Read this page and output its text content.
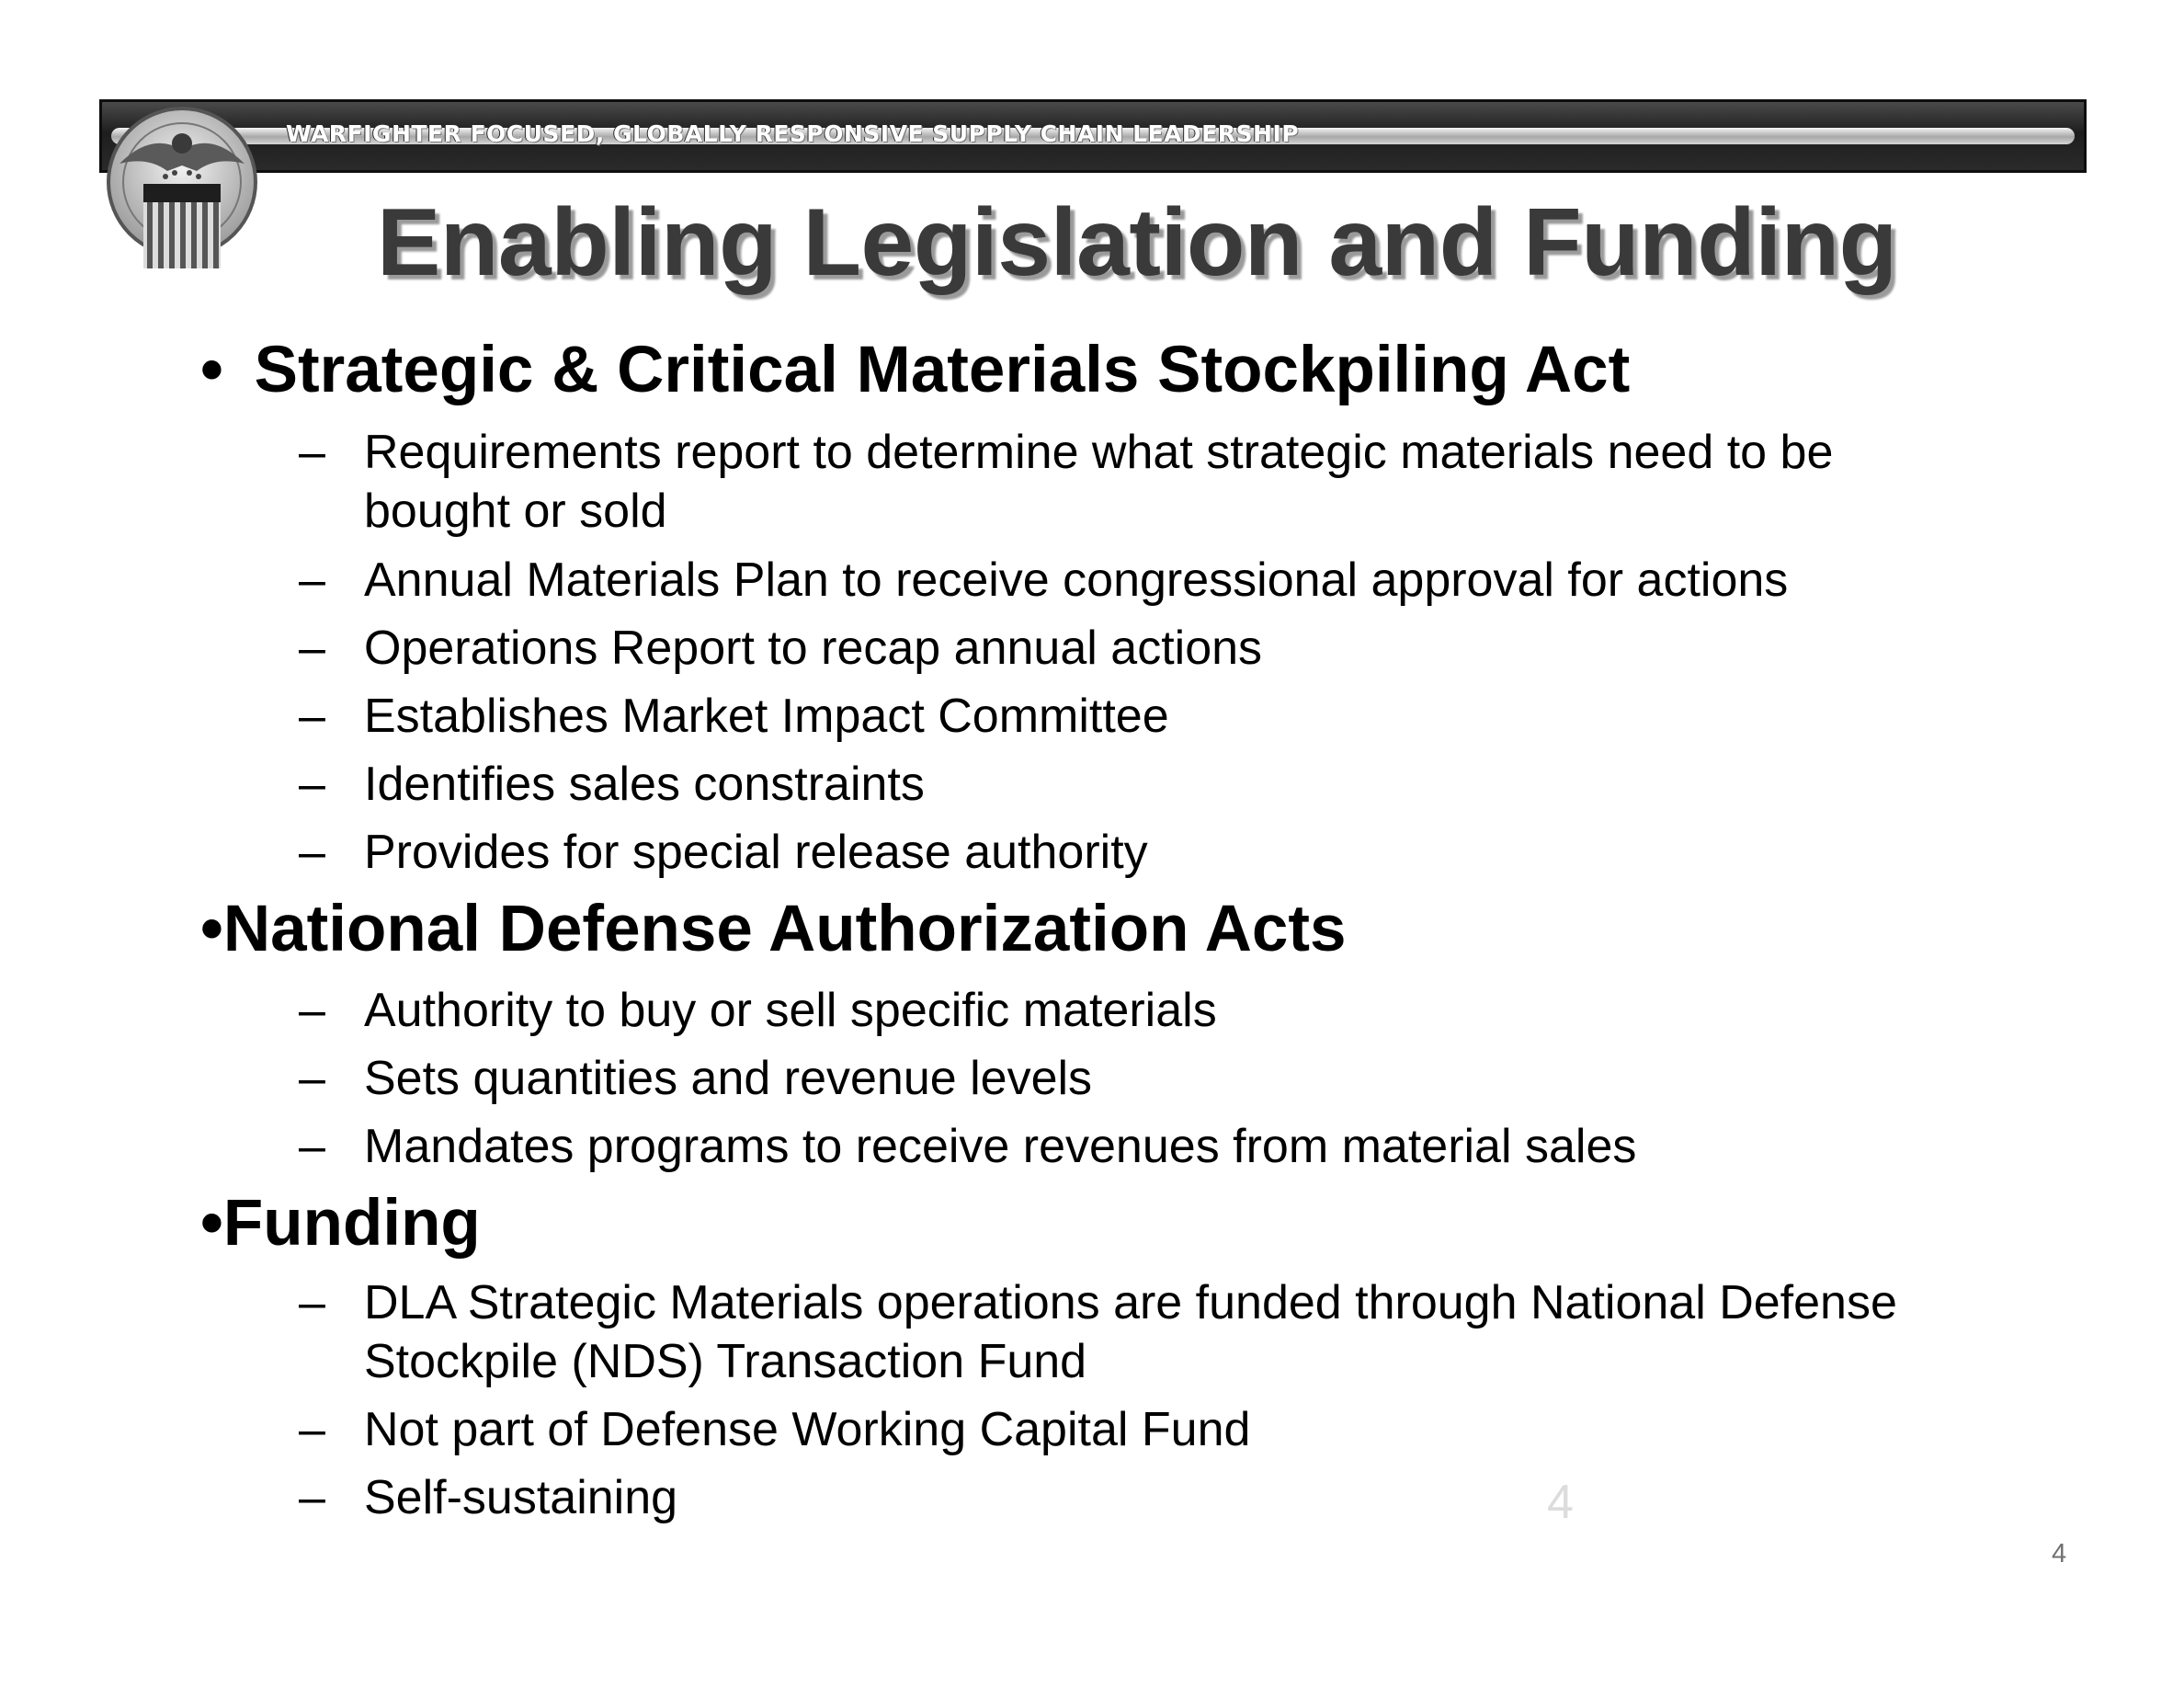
WARFIGHTER FOCUSED, GLOBALLY RESPONSIVE SUPPLY CHAIN LEADERSHIP
Enabling Legislation and Funding
• Strategic & Critical Materials Stockpiling Act
– Requirements report to determine what strategic materials need to be
bought or sold
– Annual Materials Plan to receive congressional approval for actions
– Operations Report to recap annual actions
– Establishes Market Impact Committee
– Identifies sales constraints
– Provides for special release authority
•National Defense Authorization Acts
– Authority to buy or sell specific materials
– Sets quantities and revenue levels
– Mandates programs to receive revenues from material sales
•Funding
– DLA Strategic Materials operations are funded through National Defense
Stockpile (NDS) Transaction Fund
– Not part of Defense Working Capital Fund
– Self-sustaining	4
4
